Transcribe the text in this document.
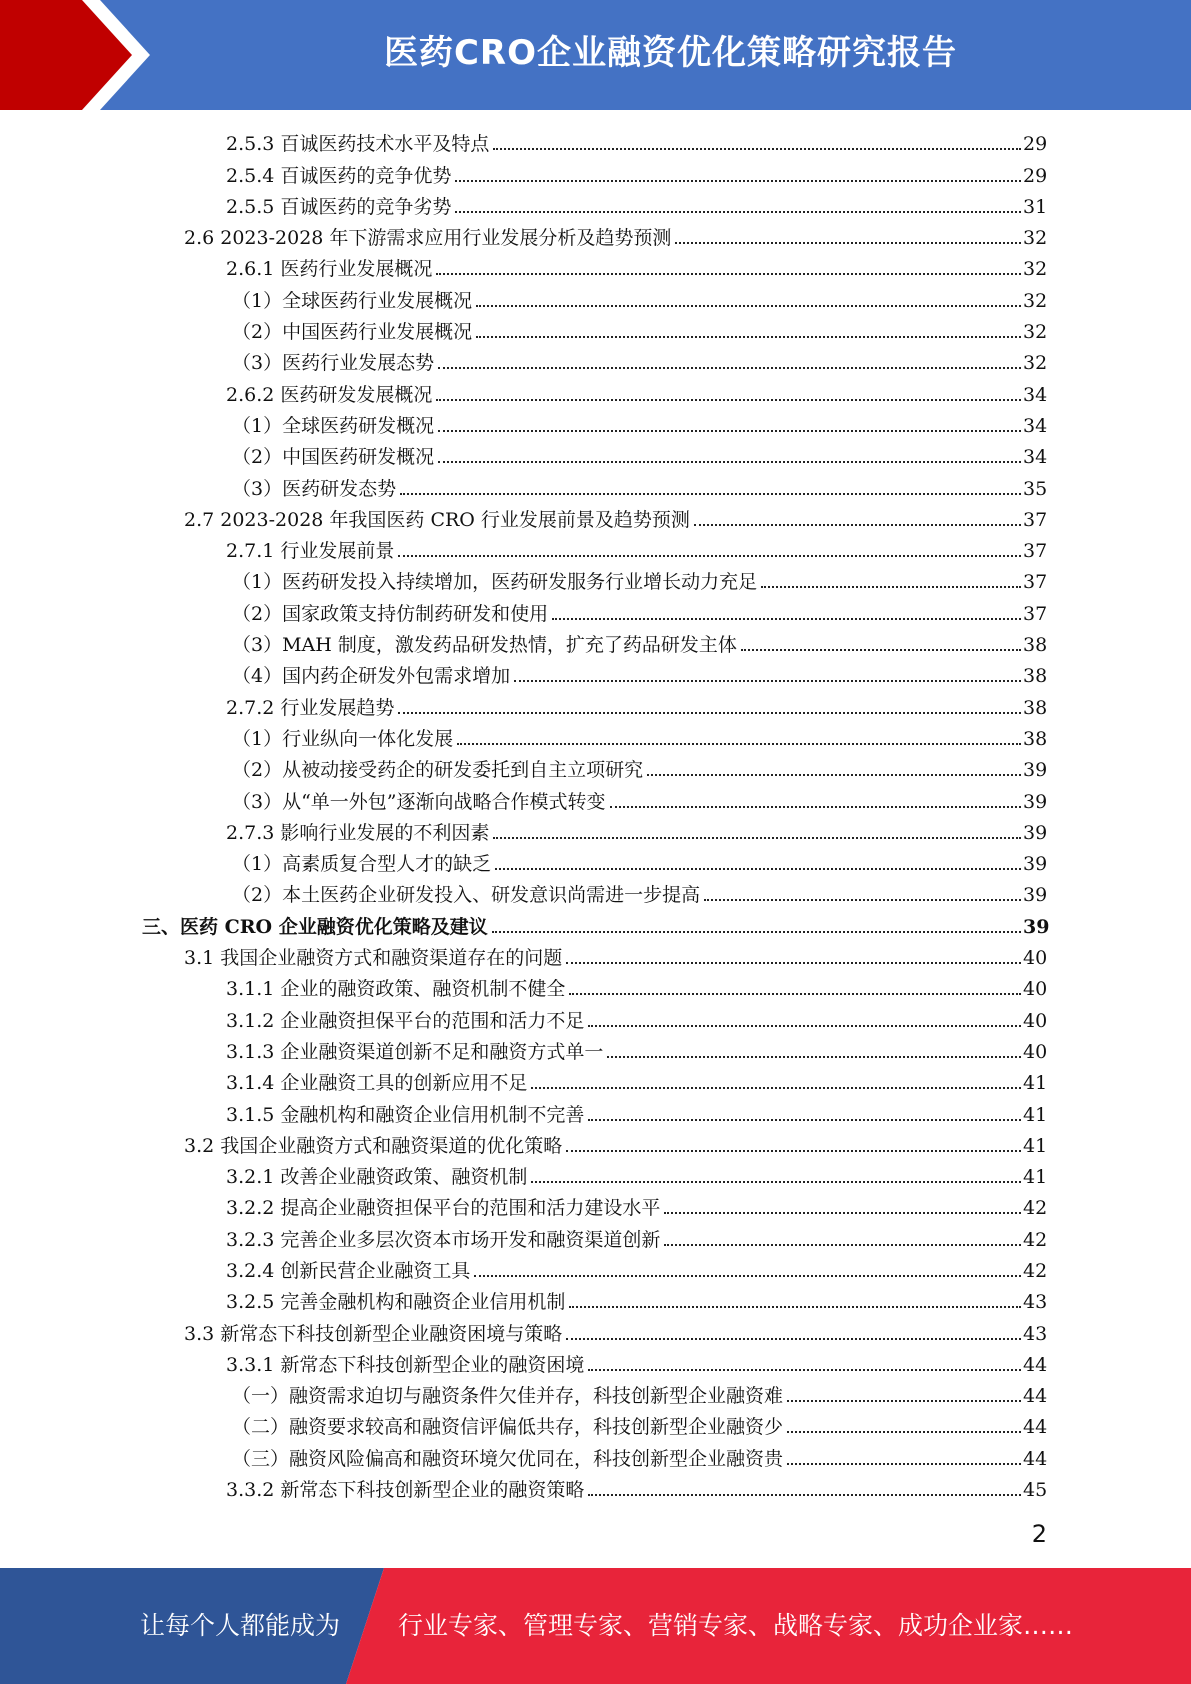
医药CRO企业融资优化策略研究报告
2.5.3 百诚医药技术水平及特点	29
2.5.4 百诚医药的竞争优势	29
2.5.5 百诚医药的竞争劣势	31
2.6 2023-2028 年下游需求应用行业发展分析及趋势预测	32
2.6.1 医药行业发展概况	32
（1）全球医药行业发展概况	32
（2）中国医药行业发展概况	32
（3）医药行业发展态势	32
2.6.2 医药研发发展概况	34
（1）全球医药研发概况	34
（2）中国医药研发概况	34
（3）医药研发态势	35
2.7 2023-2028 年我国医药 CRO 行业发展前景及趋势预测	37
2.7.1 行业发展前景	37
（1）医药研发投入持续增加，医药研发服务行业增长动力充足	37
（2）国家政策支持仿制药研发和使用	37
（3）MAH 制度，激发药品研发热情，扩充了药品研发主体	38
（4）国内药企研发外包需求增加	38
2.7.2 行业发展趋势	38
（1）行业纵向一体化发展	38
（2）从被动接受药企的研发委托到自主立项研究	39
（3）从“单一外包”逐渐向战略合作模式转变	39
2.7.3 影响行业发展的不利因素	39
（1）高素质复合型人才的缺乏	39
（2）本土医药企业研发投入、研发意识尚需进一步提高	39
三、医药 CRO 企业融资优化策略及建议	39
3.1 我国企业融资方式和融资渠道存在的问题	40
3.1.1 企业的融资政策、融资机制不健全	40
3.1.2 企业融资担保平台的范围和活力不足	40
3.1.3 企业融资渠道创新不足和融资方式单一	40
3.1.4 企业融资工具的创新应用不足	41
3.1.5 金融机构和融资企业信用机制不完善	41
3.2 我国企业融资方式和融资渠道的优化策略	41
3.2.1 改善企业融资政策、融资机制	41
3.2.2 提高企业融资担保平台的范围和活力建设水平	42
3.2.3 完善企业多层次资本市场开发和融资渠道创新	42
3.2.4 创新民营企业融资工具	42
3.2.5 完善金融机构和融资企业信用机制	43
3.3 新常态下科技创新型企业融资困境与策略	43
3.3.1 新常态下科技创新型企业的融资困境	44
（一）融资需求迫切与融资条件欠佳并存，科技创新型企业融资难	44
（二）融资要求较高和融资信评偏低共存，科技创新型企业融资少	44
（三）融资风险偏高和融资环境欠优同在，科技创新型企业融资贵	44
3.3.2 新常态下科技创新型企业的融资策略	45
2
让每个人都能成为 行业专家、管理专家、营销专家、战略专家、成功企业家……
